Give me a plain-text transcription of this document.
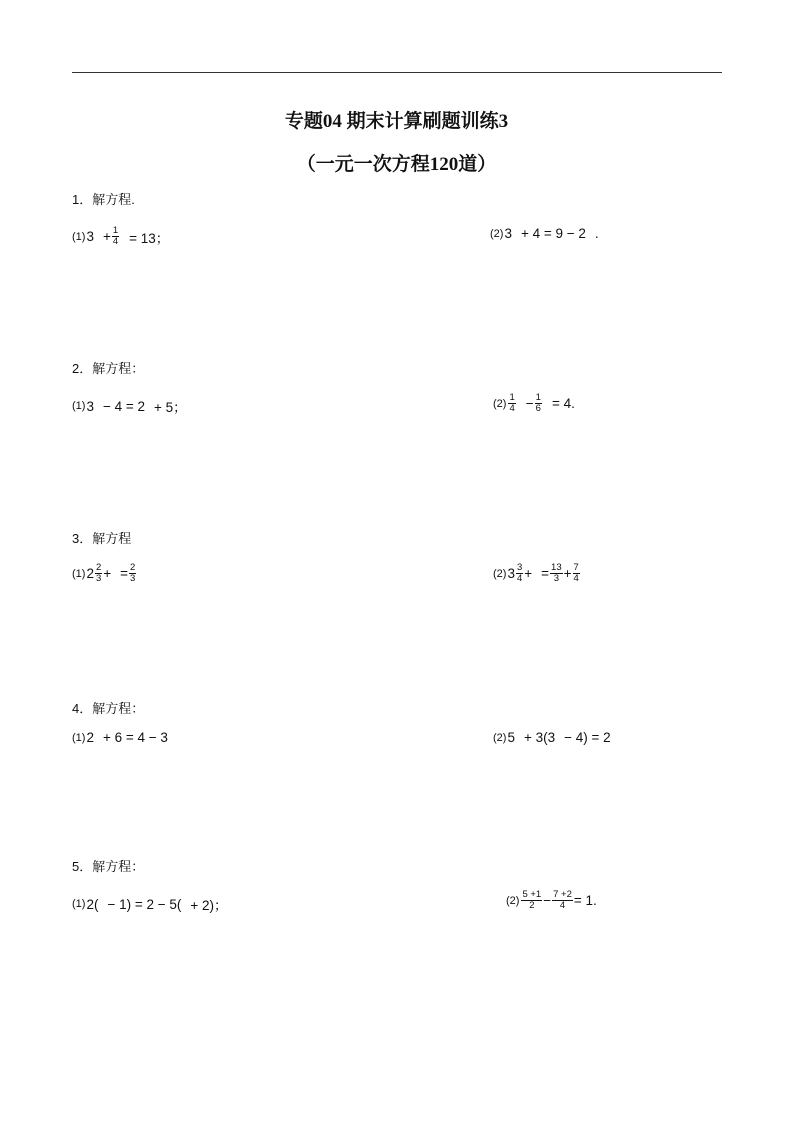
专题04 期末计算刷题训练3
（一元一次方程120道）
1．解方程.
(1) $3 + \frac{1}{4} = 13$；	(2) 3 + 4 = 9 − 2 .
2．解方程：
(1) 3 − 4 = 2 + 5；	$(2) \frac{1}{4} - \frac{1}{6} = 4$.
3．解方程
(1) $2 \frac{2}{3}$ + = $\frac{2}{3}$	(2) $3 \frac{3}{4}$ + = $\frac{13}{3} + \frac{7}{4}$
4．解方程：
(1) 2 + 6 = 4 − 3	(2) 5 + 3(3 − 4) = 2
5．解方程：
(1) 2( − 1) = 2 − 5( + 2)；	$(2) \frac{5 +1}{2} - \frac{7 +2}{4} = 1$.
